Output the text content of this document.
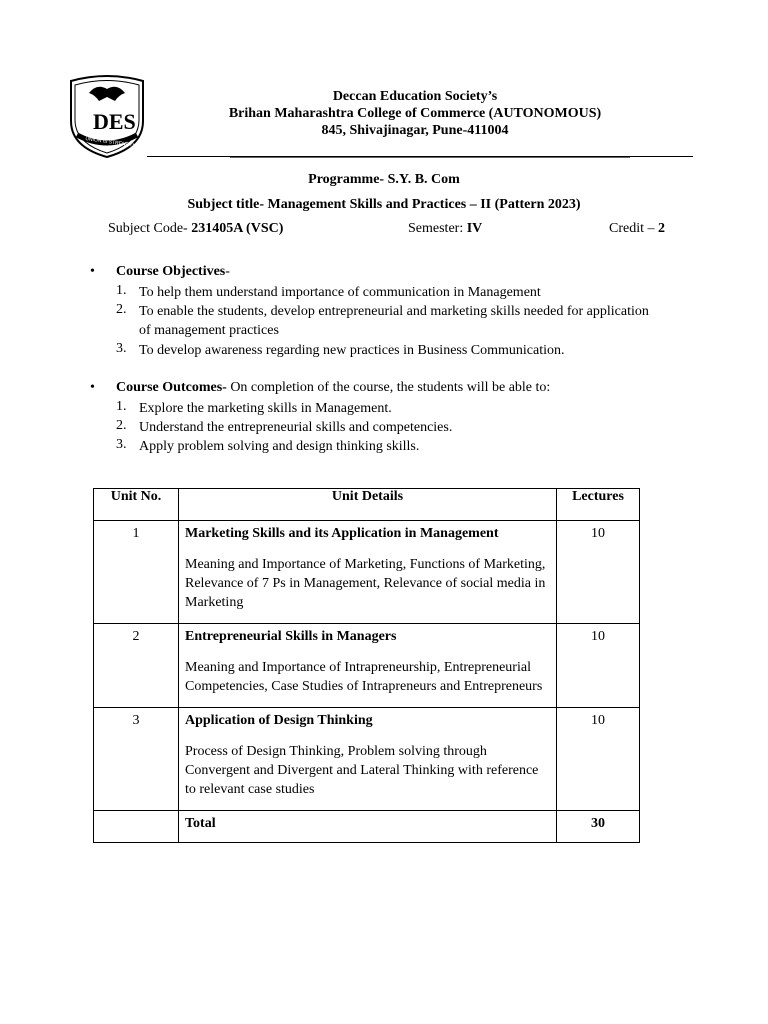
DES
UNION IS STRENGTH
Deccan Education Society’s
Brihan Maharashtra College of Commerce (AUTONOMOUS)
845, Shivajinagar, Pune-411004
Programme- S.Y. B. Com
Subject title- Management Skills and Practices – II (Pattern 2023)
Subject Code- 231405A (VSC)	Semester: IV	Credit – 2
• Course Objectives-
1. To help them understand importance of communication in Management
2. To enable the students, develop entrepreneurial and marketing skills needed for application of management practices
3. To develop awareness regarding new practices in Business Communication.
• Course Outcomes- On completion of the course, the students will be able to:
1. Explore the marketing skills in Management.
2. Understand the entrepreneurial skills and competencies.
3. Apply problem solving and design thinking skills.
Unit No.	Unit Details	Lectures
1	Marketing Skills and its Application in Management
Meaning and Importance of Marketing, Functions of Marketing, Relevance of 7 Ps in Management, Relevance of social media in Marketing	10
2	Entrepreneurial Skills in Managers
Meaning and Importance of Intrapreneurship, Entrepreneurial Competencies, Case Studies of Intrapreneurs and Entrepreneurs	10
3	Application of Design Thinking
Process of Design Thinking, Problem solving through Convergent and Divergent and Lateral Thinking with reference to relevant case studies	10
	Total	30
